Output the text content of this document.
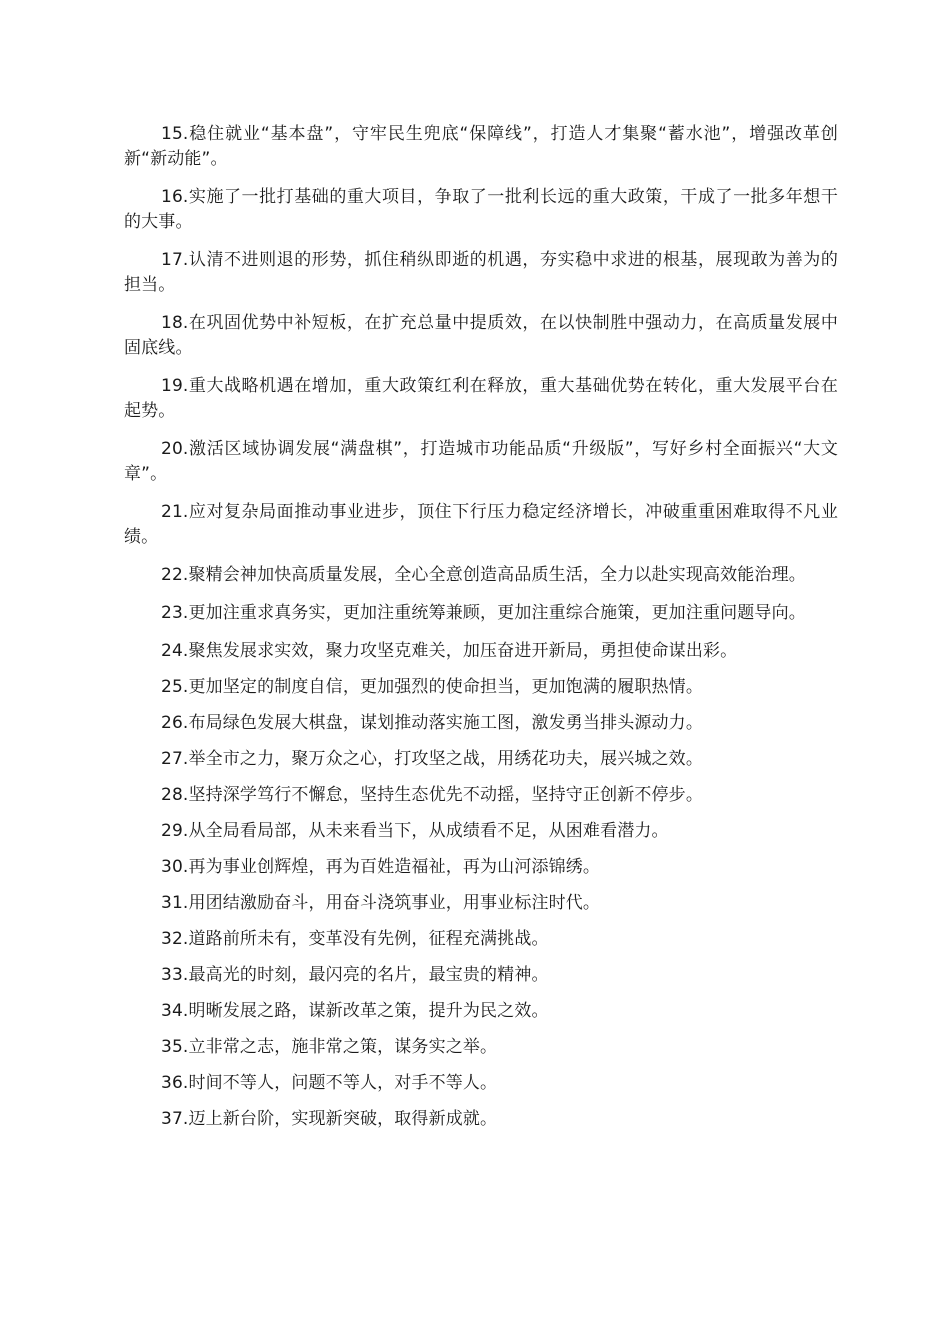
15.稳住就业“基本盘”，守牢民生兜底“保障线”，打造人才集聚“蓄水池”，增强改革创新“新动能”。

16.实施了一批打基础的重大项目，争取了一批利长远的重大政策，干成了一批多年想干的大事。

17.认清不进则退的形势，抓住稍纵即逝的机遇，夯实稳中求进的根基，展现敢为善为的担当。

18.在巩固优势中补短板，在扩充总量中提质效，在以快制胜中强动力，在高质量发展中固底线。

19.重大战略机遇在增加，重大政策红利在释放，重大基础优势在转化，重大发展平台在起势。

20.激活区域协调发展“满盘棋”，打造城市功能品质“升级版”，写好乡村全面振兴“大文章”。

21.应对复杂局面推动事业进步，顶住下行压力稳定经济增长，冲破重重困难取得不凡业绩。

22.聚精会神加快高质量发展，全心全意创造高品质生活，全力以赴实现高效能治理。

23.更加注重求真务实，更加注重统筹兼顾，更加注重综合施策，更加注重问题导向。

24.聚焦发展求实效，聚力攻坚克难关，加压奋进开新局，勇担使命谋出彩。

25.更加坚定的制度自信，更加强烈的使命担当，更加饱满的履职热情。

26.布局绿色发展大棋盘，谋划推动落实施工图，激发勇当排头源动力。

27.举全市之力，聚万众之心，打攻坚之战，用绣花功夫，展兴城之效。

28.坚持深学笃行不懈怠，坚持生态优先不动摇，坚持守正创新不停步。

29.从全局看局部，从未来看当下，从成绩看不足，从困难看潜力。

30.再为事业创辉煌，再为百姓造福祉，再为山河添锦绣。

31.用团结激励奋斗，用奋斗浇筑事业，用事业标注时代。

32.道路前所未有，变革没有先例，征程充满挑战。

33.最高光的时刻，最闪亮的名片，最宝贵的精神。

34.明晰发展之路，谋新改革之策，提升为民之效。

35.立非常之志，施非常之策，谋务实之举。

36.时间不等人，问题不等人，对手不等人。

37.迈上新台阶，实现新突破，取得新成就。
